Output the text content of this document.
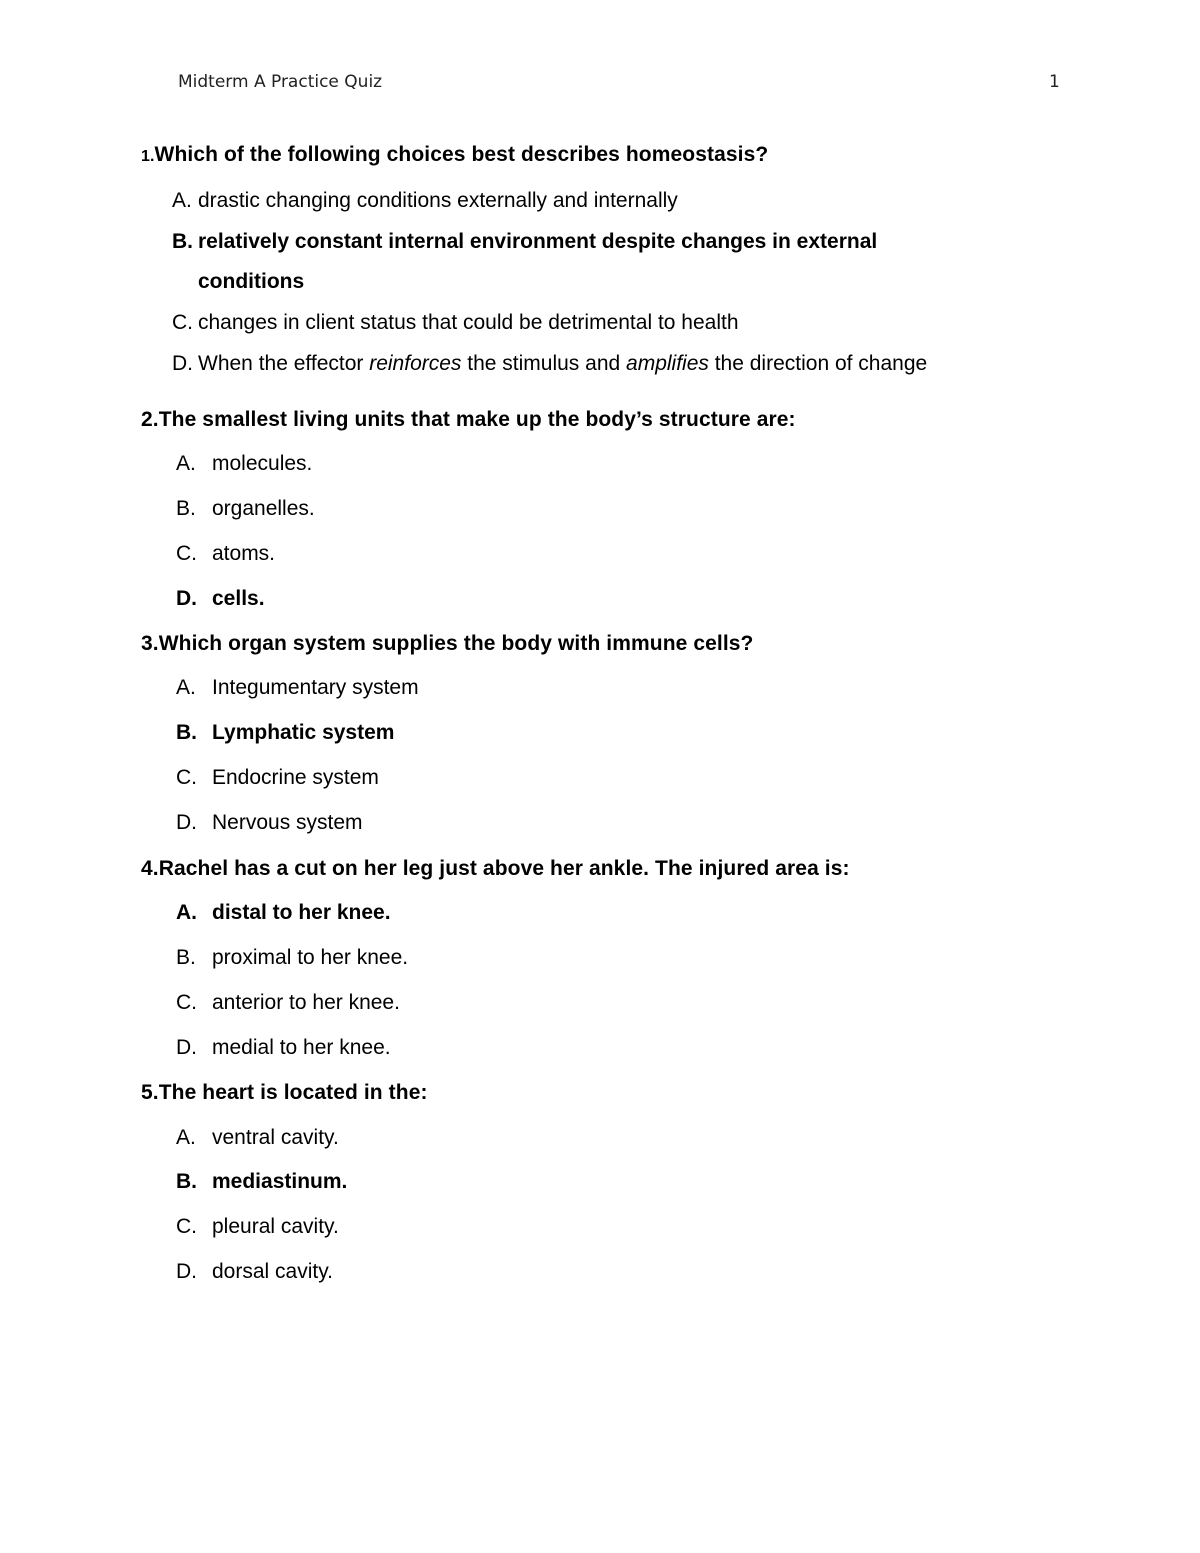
Midterm A Practice Quiz	1
1.Which of the following choices best describes homeostasis?
A. drastic changing conditions externally and internally
B. relatively constant internal environment despite changes in external
conditions
C. changes in client status that could be detrimental to health
D. When the effector reinforces the stimulus and amplifies the direction of change
2.The smallest living units that make up the body’s structure are:
A. molecules.
B. organelles.
C. atoms.
D. cells.
3.Which organ system supplies the body with immune cells?
A. Integumentary system
B. Lymphatic system
C. Endocrine system
D. Nervous system
4.Rachel has a cut on her leg just above her ankle. The injured area is:
A. distal to her knee.
B. proximal to her knee.
C. anterior to her knee.
D. medial to her knee.
5.The heart is located in the:
A. ventral cavity.
B. mediastinum.
C. pleural cavity.
D. dorsal cavity.
